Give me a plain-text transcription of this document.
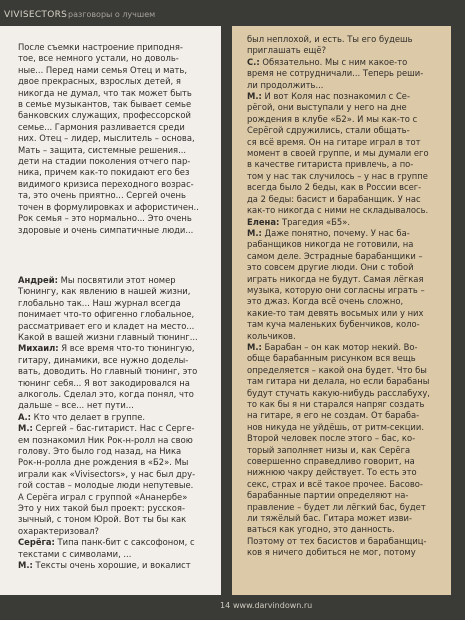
VIVISECTORS разговоры о лучшем

После съемки настроение приподня-
тое, все немного устали, но доволь-
ные... Перед нами семья Отец и мать,
двое прекрасных, взрослых детей, я
никогда не думал, что так может быть
в семье музыкантов, так бывает семье
банковских служащих, профессорской
семье... Гармония разливается среди
них. Отец – лидер, мыслитель – основа,
Мать – защита, системные решения...
дети на стадии поколения отчего пар-
ника, причем как-то покидают его без
видимого кризиса переходного возрас-
та, это очень приятно... Сергей очень
точен в формулировках и афористичен..
Рок семья – это нормально... Это очень
здоровые и очень симпатичные люди...

Андрей: Мы посвятили этот номер
Тюнингу, как явлению в нашей жизни,
глобально так... Наш журнал всегда
понимает что-то офигенно глобальное,
рассматривает его и кладет на место...
Какой в вашей жизни главный тюнинг...

Михаил: Я все время что-то тюнингую,
гитару, динамики, все нужно доделы-
вать, доводить. Но главный тюнинг, это
тюнинг себя... Я вот закодировался на
алкоголь. Сделал это, когда понял, что
дальше – все... нет пути...

А.: Кто что делает в группе.

М.: Сергей – бас-гитарист. Нас с Серге-
ем познакомил Ник Рок-н-ролл на свою
голову. Это было год назад, на Ника
Рок-н-ролла дне рождения в «Б2». Мы
играли как «Vivisectors», у нас был дру-
гой состав – молодые люди непутевые.
А Серёга играл с группой «Ананербе»
Это у них такой был проект: русскоя-
зычный, с тоном Юрой. Вот ты бы как
охарактеризовал?

Серёга: Типа панк-бит с саксофоном, с
текстами с символами, ...

М.: Тексты очень хорошие, и вокалист

был неплохой, и есть. Ты его будешь
приглашать ещё?

С.: Обязательно. Мы с ним какое-то
время не сотрудничали... Теперь реши-
ли продолжить...

М.: И вот Коля нас познакомил с Се-
рёгой, они выступали у него на дне
рождения в клубе «Б2». И мы как-то с
Серёгой сдружились, стали общать-
ся всё время. Он на гитаре играл в тот
момент в своей группе, и мы думали его
в качестве гитариста привлечь, а по-
том у нас так случилось – у нас в группе
всегда было 2 беды, как в России всег-
да 2 беды: басист и барабанщик. У нас
как-то никогда с ними не складывалось.

Елена: Трагедия «Б5».

М.: Даже понятно, почему. У нас ба-
рабанщиков никогда не готовили, на
самом деле. Эстрадные барабанщики –
это совсем другие люди. Они с тобой
играть никогда не будут. Самая лёгкая
музыка, которую они согласны играть –
это джаз. Когда всё очень сложно,
какие-то там девять восьмых или у них
там куча маленьких бубенчиков, коло-
кольчиков.

М.: Барабан – он как мотор некий. Во-
обще барабанным рисунком вся вещь
определяется – какой она будет. Что бы
там гитара ни делала, но если барабаны
будут стучать какую-нибудь расслабуху,
то как бы я ни старался напряг создать
на гитаре, я его не создам. От бараба-
нов никуда не уйдёшь, от ритм-секции.
Второй человек после этого – бас, ко-
торый заполняет низы и, как Серёга
совершенно справедливо говорит, на
нижнюю чакру действует. То есть это
секс, страх и всё такое прочее. Басово-
барабанные партии определяют на-
правление – будет ли лёгкий бас, будет
ли тяжёлый бас. Гитара может изви-
ваться как угодно, это данность.
Поэтому от тех басистов и барабанщиц-
ков я ничего добиться не мог, потому

14 www.darvindown.ru
